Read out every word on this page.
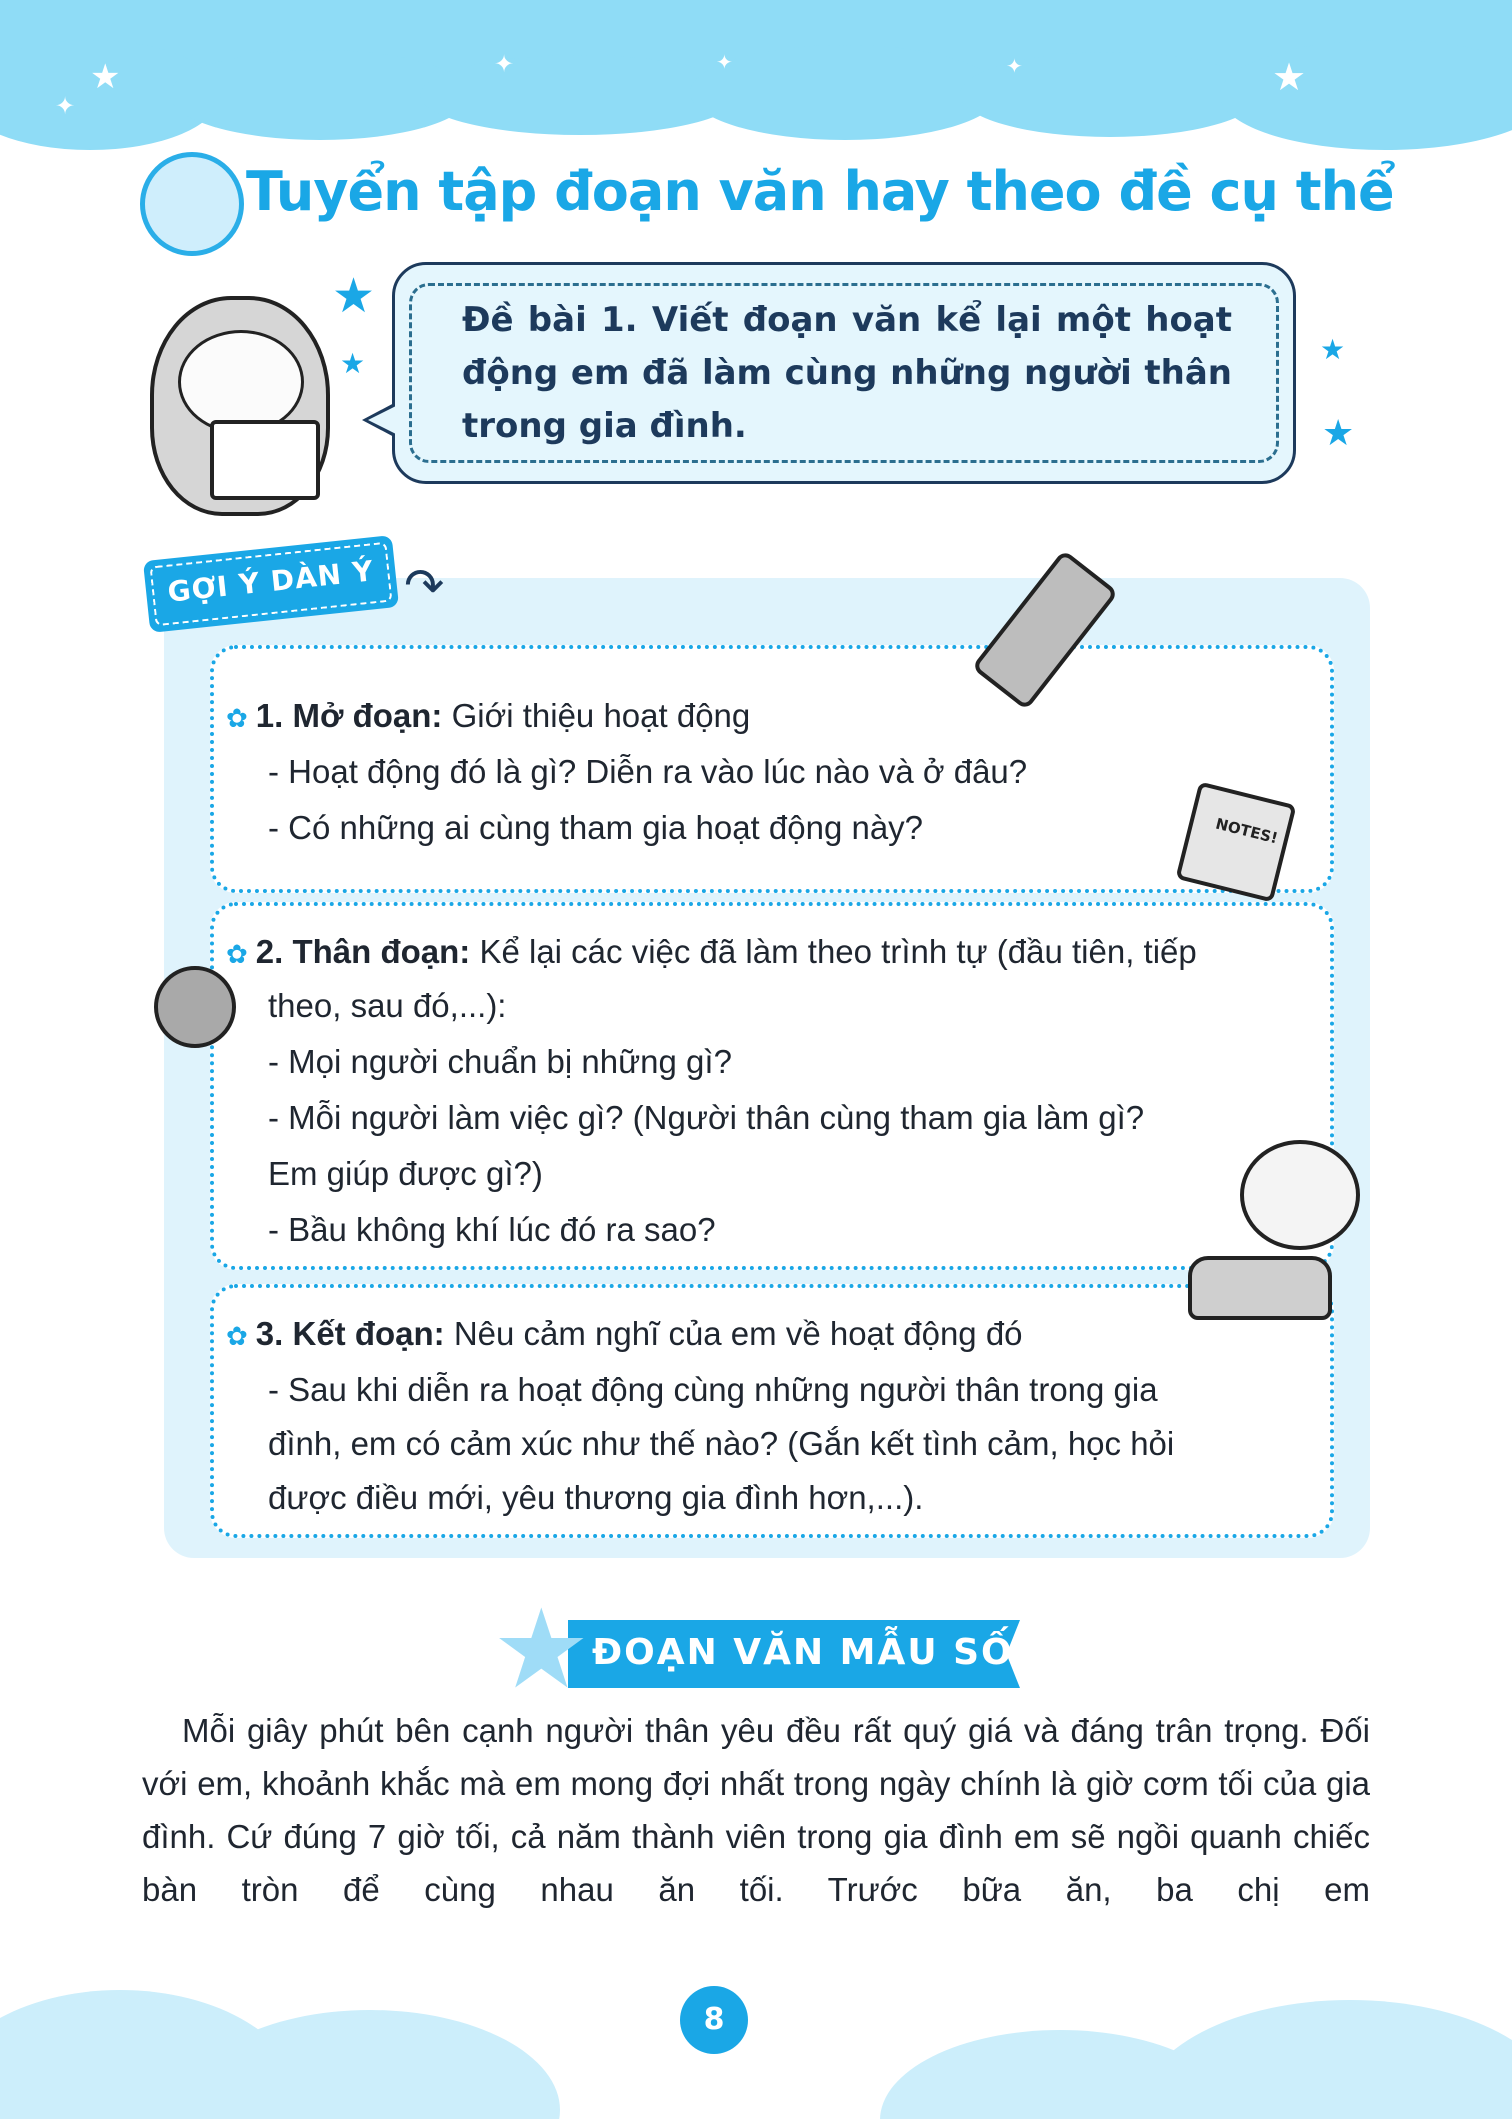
★
✦
✦	✦	✦	★
Tuyển tập đoạn văn hay theo đề cụ thể
★
★	★
★
Đề bài 1. Viết đoạn văn kể lại một hoạt
động em đã làm cùng những người thân
trong gia đình.
GỢI Ý DÀN Ý ↷
NOTES!
✿ 1. Mở đoạn: Giới thiệu hoạt động
- Hoạt động đó là gì? Diễn ra vào lúc nào và ở đâu?
- Có những ai cùng tham gia hoạt động này?
✿ 2. Thân đoạn: Kể lại các việc đã làm theo trình tự (đầu tiên, tiếp
theo, sau đó,...):
- Mọi người chuẩn bị những gì?
- Mỗi người làm việc gì? (Người thân cùng tham gia làm gì?
Em giúp được gì?)
- Bầu không khí lúc đó ra sao?
✿ 3. Kết đoạn: Nêu cảm nghĩ của em về hoạt động đó
- Sau khi diễn ra hoạt động cùng những người thân trong gia
đình, em có cảm xúc như thế nào? (Gắn kết tình cảm, học hỏi
được điều mới, yêu thương gia đình hơn,...).
★ ĐOẠN VĂN MẪU SỐ 1
Mỗi giây phút bên cạnh người thân yêu đều rất quý giá và đáng trân trọng. Đối với em, khoảnh khắc mà em mong đợi nhất trong ngày chính là giờ cơm tối của gia đình. Cứ đúng 7 giờ tối, cả năm thành viên trong gia đình em sẽ ngồi quanh chiếc bàn tròn để cùng nhau ăn tối. Trước bữa ăn, ba chị em
8
